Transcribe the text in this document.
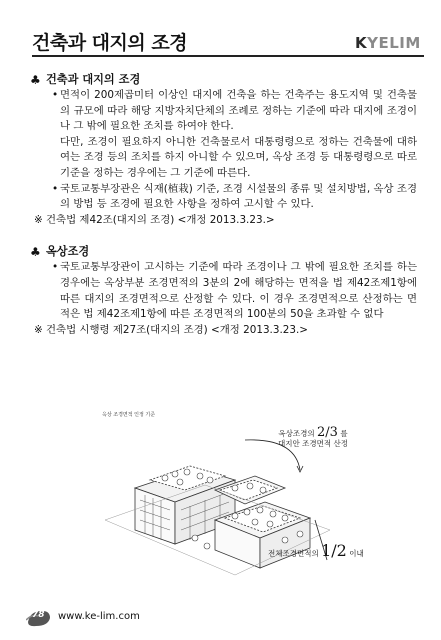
건축과 대지의 조경	KYELIM
♣ 건축과 대지의 조경
• 면적이 200제곱미터 이상인 대지에 건축을 하는 건축주는 용도지역 및 건축물의 규모에 따라 해당 지방자치단체의 조례로 정하는 기준에 따라 대지에 조경이나 그 밖에 필요한 조치를 하여야 한다.
다만, 조경이 필요하지 아니한 건축물로서 대통령령으로 정하는 건축물에 대하여는 조경 등의 조치를 하지 아니할 수 있으며, 옥상 조경 등 대통령령으로 따로 기준을 정하는 경우에는 그 기준에 따른다.
• 국토교통부장관은 식재(植栽) 기준, 조경 시설물의 종류 및 설치방법, 옥상 조경의 방법 등 조경에 필요한 사항을 정하여 고시할 수 있다.
※ 건축법 제42조(대지의 조경) <개정 2013.3.23.>
♣ 옥상조경
• 국토교통부장관이 고시하는 기준에 따라 조경이나 그 밖에 필요한 조치를 하는 경우에는 옥상부분 조경면적의 3분의 2에 해당하는 면적을 법 제42조제1항에 따른 대지의 조경면적으로 산정할 수 있다. 이 경우 조경면적으로 산정하는 면적은 법 제42조제1항에 따른 조경면적의 100분의 50을 초과할 수 없다
※ 건축법 시행령 제27조(대지의 조경) <개정 2013.3.23.>
옥상 조경면적 인정 기준
옥상조경의 2/3 를
대지안 조경면적 산정
전체조경면적의 1/2 이내
78 www.ke-lim.com
